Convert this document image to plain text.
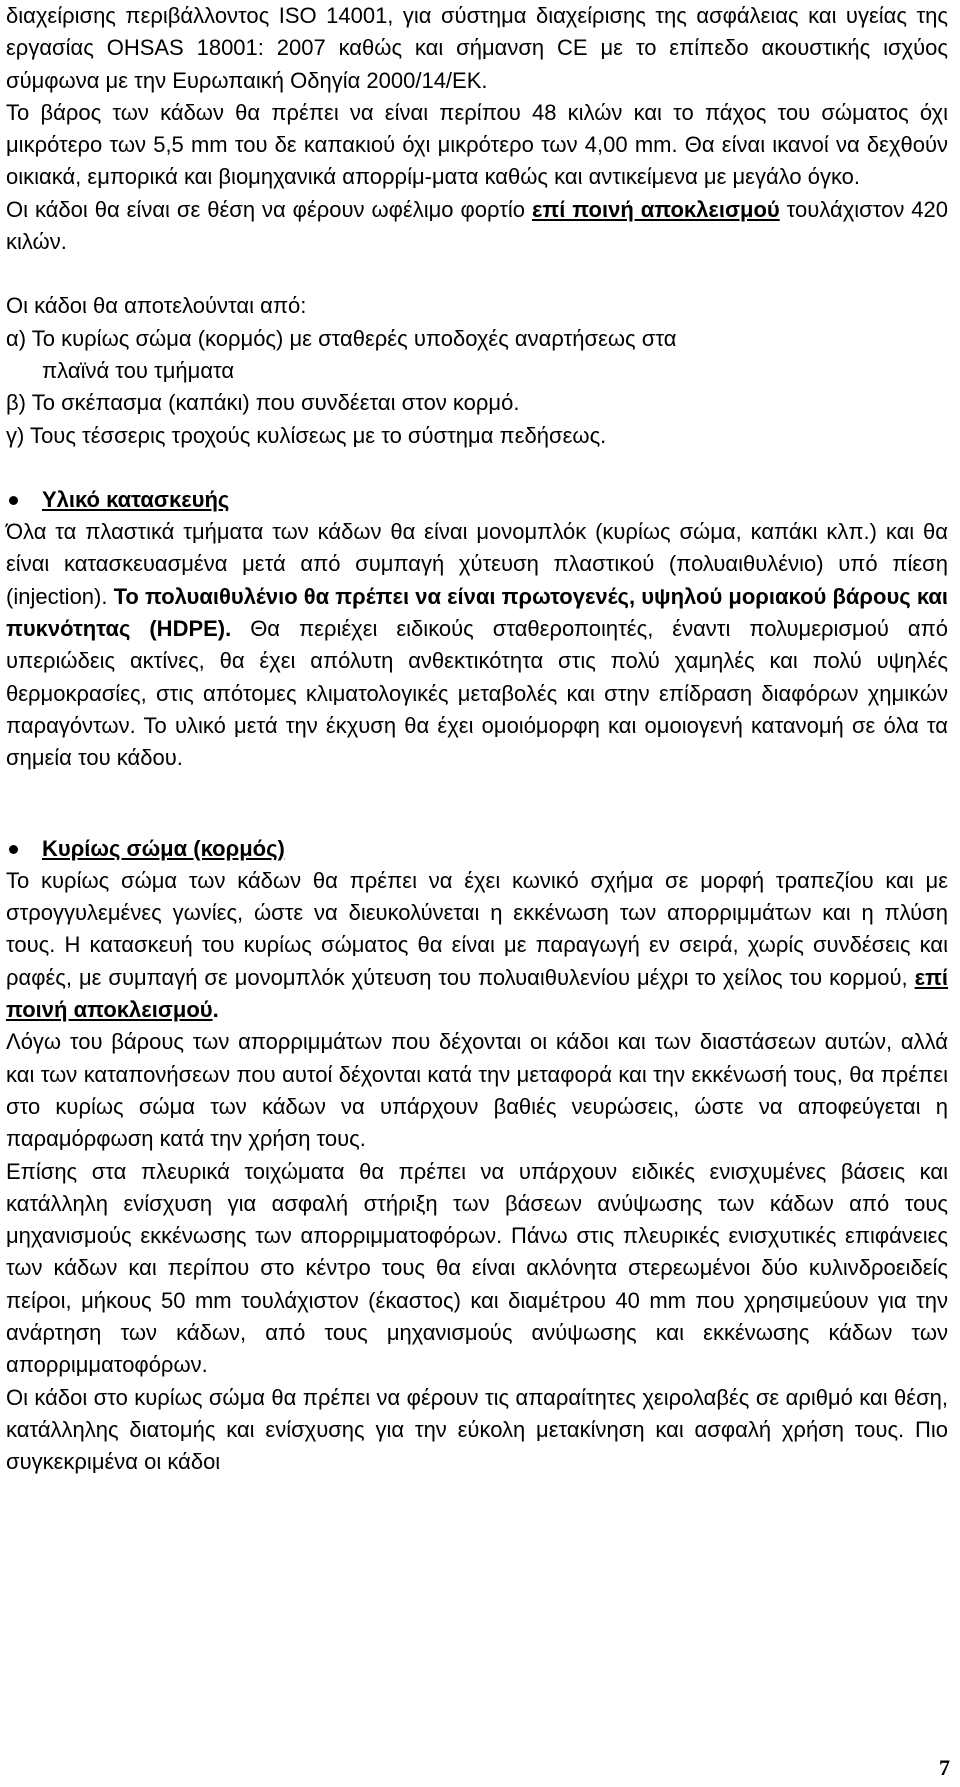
διαχείρισης περιβάλλοντος ISO 14001, για σύστημα διαχείρισης της ασφάλειας και υγείας της εργασίας OHSAS 18001: 2007 καθώς και σήμανση CE με το επίπεδο ακουστικής ισχύος σύμφωνα με την Ευρωπαική Οδηγία 2000/14/ΕΚ.

Το βάρος των κάδων θα πρέπει να είναι περίπου 48 κιλών και το πάχος του σώματος όχι μικρότερο των 5,5 mm του δε καπακιού όχι μικρότερο των 4,00 mm. Θα είναι ικανοί να δεχθούν οικιακά, εμπορικά και βιομηχανικά απορρίμ-ματα καθώς και αντικείμενα με μεγάλο όγκο.

Οι κάδοι θα είναι σε θέση να φέρουν ωφέλιμο φορτίο επί ποινή αποκλεισμού τουλάχιστον 420 κιλών.

Οι κάδοι θα αποτελούνται από:

α) Το κυρίως σώμα (κορμός) με σταθερές υποδοχές αναρτήσεως στα

πλαϊνά του τμήματα

β) Το σκέπασμα (καπάκι) που συνδέεται στον κορμό.

γ) Τους τέσσερις τροχούς κυλίσεως με το σύστημα πεδήσεως.

Υλικό κατασκευής

Όλα τα πλαστικά τμήματα των κάδων θα είναι μονομπλόκ (κυρίως σώμα, καπάκι κλπ.) και θα είναι κατασκευασμένα μετά από συμπαγή χύτευση πλαστικού (πολυαιθυλένιο) υπό πίεση (injection). Το πολυαιθυλένιο θα πρέπει να είναι πρωτογενές, υψηλού μοριακού βάρους και πυκνότητας (HDPE). Θα περιέχει ειδικούς σταθεροποιητές, έναντι πολυμερισμού από υπεριώδεις ακτίνες, θα έχει απόλυτη ανθεκτικότητα στις πολύ χαμηλές και πολύ υψηλές θερμοκρασίες, στις απότομες κλιματολογικές μεταβολές και στην επίδραση διαφόρων χημικών παραγόντων. Το υλικό μετά την έκχυση θα έχει ομοιόμορφη και ομοιογενή κατανομή σε όλα τα σημεία του κάδου.

Κυρίως σώμα (κορμός)

Το κυρίως σώμα των κάδων θα πρέπει να έχει κωνικό σχήμα σε μορφή τραπεζίου και με στρογγυλεμένες γωνίες, ώστε να διευκολύνεται η εκκένωση των απορριμμάτων και η πλύση τους. Η κατασκευή του κυρίως σώματος θα είναι με παραγωγή εν σειρά, χωρίς συνδέσεις και ραφές, με συμπαγή σε μονομπλόκ χύτευση του πολυαιθυλενίου μέχρι το χείλος του κορμού, επί ποινή αποκλεισμού.

Λόγω του βάρους των απορριμμάτων που δέχονται οι κάδοι και των διαστάσεων αυτών, αλλά και των καταπονήσεων που αυτοί δέχονται κατά την μεταφορά και την εκκένωσή τους, θα πρέπει στο κυρίως σώμα των κάδων να υπάρχουν βαθιές νευρώσεις, ώστε να αποφεύγεται η παραμόρφωση κατά την χρήση τους.

Επίσης στα πλευρικά τοιχώματα θα πρέπει να υπάρχουν ειδικές ενισχυμένες βάσεις και κατάλληλη ενίσχυση για ασφαλή στήριξη των βάσεων ανύψωσης των κάδων από τους μηχανισμούς εκκένωσης των απορριμματοφόρων. Πάνω στις πλευρικές ενισχυτικές επιφάνειες των κάδων και περίπου στο κέντρο τους θα είναι ακλόνητα στερεωμένοι δύο κυλινδροειδείς πείροι, μήκους 50 mm τουλάχιστον (έκαστος) και διαμέτρου 40 mm που χρησιμεύουν για την ανάρτηση των κάδων, από τους μηχανισμούς ανύψωσης και εκκένωσης κάδων των απορριμματοφόρων.

Οι κάδοι στο κυρίως σώμα θα πρέπει να φέρουν τις απαραίτητες χειρολαβές σε αριθμό και θέση, κατάλληλης διατομής και ενίσχυσης για την εύκολη μετακίνηση και ασφαλή χρήση τους. Πιο συγκεκριμένα οι κάδοι

7
